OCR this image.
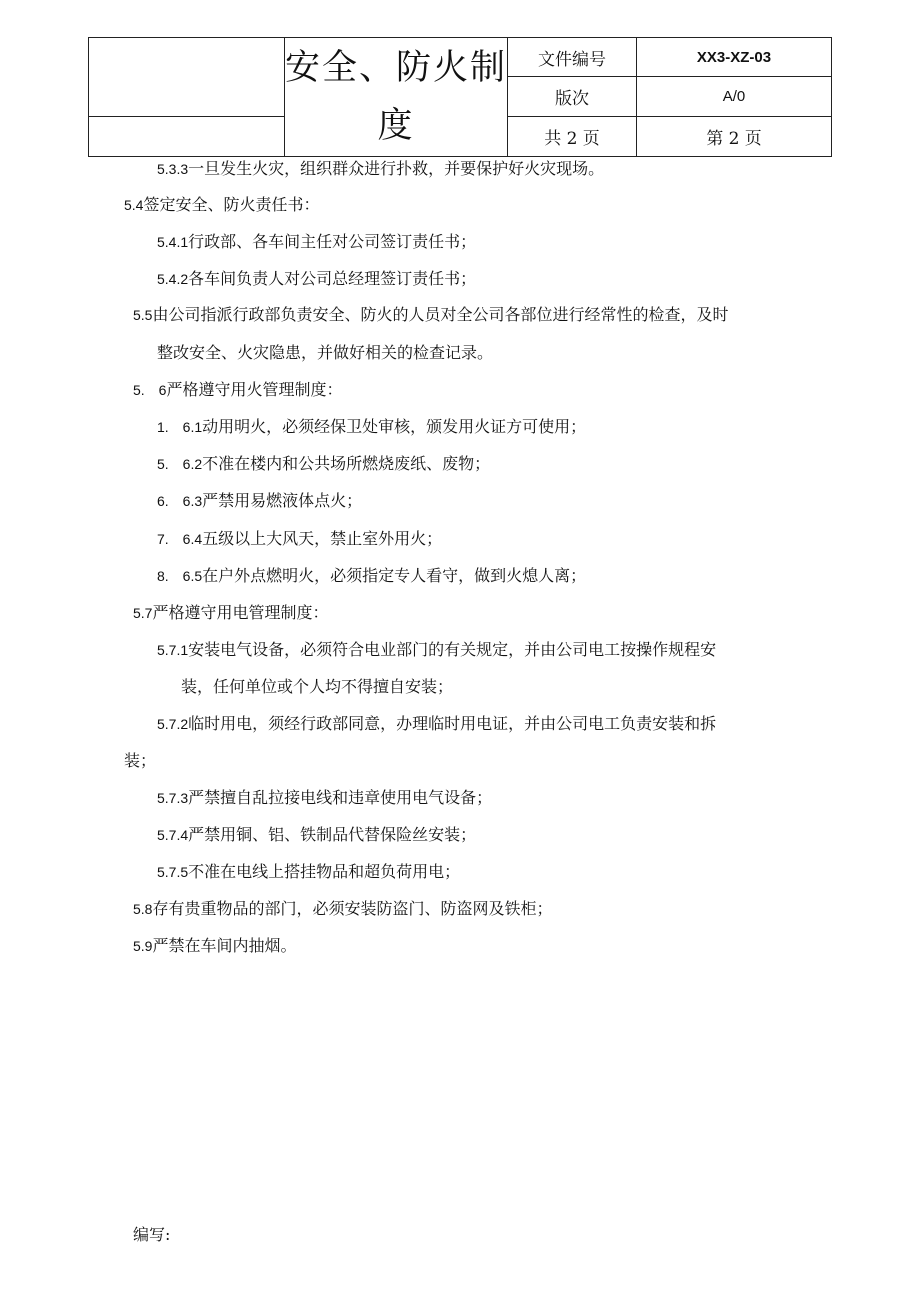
	安全、防火制度	文件编号	XX3-XZ-03
		版次	A/0
		共 2 页	第 2 页
5.3.3一旦发生火灾，组织群众进行扑救，并要保护好火灾现场。
5.4签定安全、防火责任书：
5.4.1行政部、各车间主任对公司签订责任书；
5.4.2各车间负责人对公司总经理签订责任书；
5.5由公司指派行政部负责安全、防火的人员对全公司各部位进行经常性的检查，及时
整改安全、火灾隐患，并做好相关的检查记录。
5.　6严格遵守用火管理制度：
1.　6.1动用明火，必须经保卫处审核，颁发用火证方可使用；
5.　6.2不准在楼内和公共场所燃烧废纸、废物；
6.　6.3严禁用易燃液体点火；
7.　6.4五级以上大风天，禁止室外用火；
8.　6.5在户外点燃明火，必须指定专人看守，做到火熄人离；
5.7严格遵守用电管理制度：
5.7.1安装电气设备，必须符合电业部门的有关规定，并由公司电工按操作规程安
装，任何单位或个人均不得擅自安装；
5.7.2临时用电，须经行政部同意，办理临时用电证，并由公司电工负责安装和拆
装；
5.7.3严禁擅自乱拉接电线和违章使用电气设备；
5.7.4严禁用铜、铝、铁制品代替保险丝安装；
5.7.5不准在电线上搭挂物品和超负荷用电；
5.8存有贵重物品的部门，必须安装防盗门、防盗网及铁柜；
5.9严禁在车间内抽烟。
编写:
